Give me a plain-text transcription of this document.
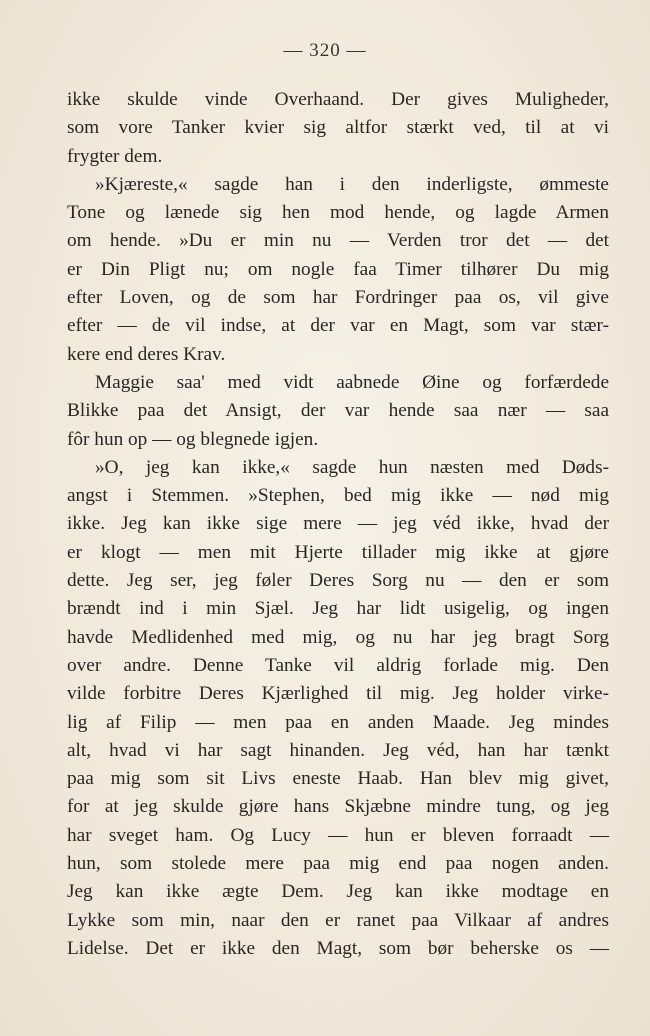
— 320 —
ikke skulde vinde Overhaand. Der gives Muligheder,
som vore Tanker kvier sig altfor stærkt ved, til at vi
frygter dem.
»Kjæreste,« sagde han i den inderligste, ømmeste
Tone og lænede sig hen mod hende, og lagde Armen
om hende. »Du er min nu — Verden tror det — det
er Din Pligt nu; om nogle faa Timer tilhører Du mig
efter Loven, og de som har Fordringer paa os, vil give
efter — de vil indse, at der var en Magt, som var stær-
kere end deres Krav.
Maggie saa' med vidt aabnede Øine og forfærdede
Blikke paa det Ansigt, der var hende saa nær — saa
fôr hun op — og blegnede igjen.
»O, jeg kan ikke,« sagde hun næsten med Døds-
angst i Stemmen. »Stephen, bed mig ikke — nød mig
ikke. Jeg kan ikke sige mere — jeg véd ikke, hvad der
er klogt — men mit Hjerte tillader mig ikke at gjøre
dette. Jeg ser, jeg føler Deres Sorg nu — den er som
brændt ind i min Sjæl. Jeg har lidt usigelig, og ingen
havde Medlidenhed med mig, og nu har jeg bragt Sorg
over andre. Denne Tanke vil aldrig forlade mig. Den
vilde forbitre Deres Kjærlighed til mig. Jeg holder virke-
lig af Filip — men paa en anden Maade. Jeg mindes
alt, hvad vi har sagt hinanden. Jeg véd, han har tænkt
paa mig som sit Livs eneste Haab. Han blev mig givet,
for at jeg skulde gjøre hans Skjæbne mindre tung, og jeg
har sveget ham. Og Lucy — hun er bleven forraadt —
hun, som stolede mere paa mig end paa nogen anden.
Jeg kan ikke ægte Dem. Jeg kan ikke modtage en
Lykke som min, naar den er ranet paa Vilkaar af andres
Lidelse. Det er ikke den Magt, som bør beherske os —
